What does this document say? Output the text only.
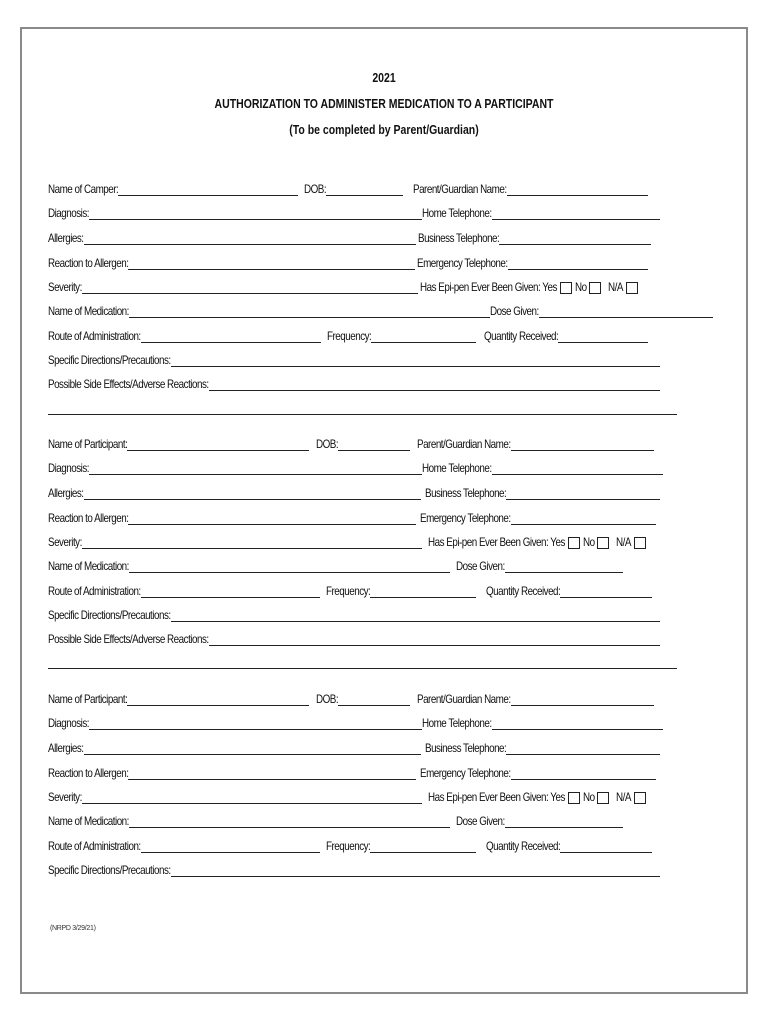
2021
AUTHORIZATION TO ADMINISTER MEDICATION TO A PARTICIPANT
(To be completed by Parent/Guardian)
Name of Camper:	DOB:	Parent/Guardian Name:
Diagnosis:	Home Telephone:
Allergies:	Business Telephone:
Reaction to Allergen:	Emergency Telephone:
Severity:	Has Epi-pen Ever Been Given: Yes No N/A
Name of Medication:	Dose Given:
Route of Administration:	Frequency:	Quantity Received:
Specific Directions/Precautions:
Possible Side Effects/Adverse Reactions:
Name of Participant:	DOB:	Parent/Guardian Name:
Diagnosis:	Home Telephone:
Allergies:	Business Telephone:
Reaction to Allergen:	Emergency Telephone:
Severity:	Has Epi-pen Ever Been Given: Yes No N/A
Name of Medication:	Dose Given:
Route of Administration:	Frequency:	Quantity Received:
Specific Directions/Precautions:
Possible Side Effects/Adverse Reactions:
Name of Participant:	DOB:	Parent/Guardian Name:
Diagnosis:	Home Telephone:
Allergies:	Business Telephone:
Reaction to Allergen:	Emergency Telephone:
Severity:	Has Epi-pen Ever Been Given: Yes No N/A
Name of Medication:	Dose Given:
Route of Administration:	Frequency:	Quantity Received:
Specific Directions/Precautions:
(NRPD 3/29/21)
